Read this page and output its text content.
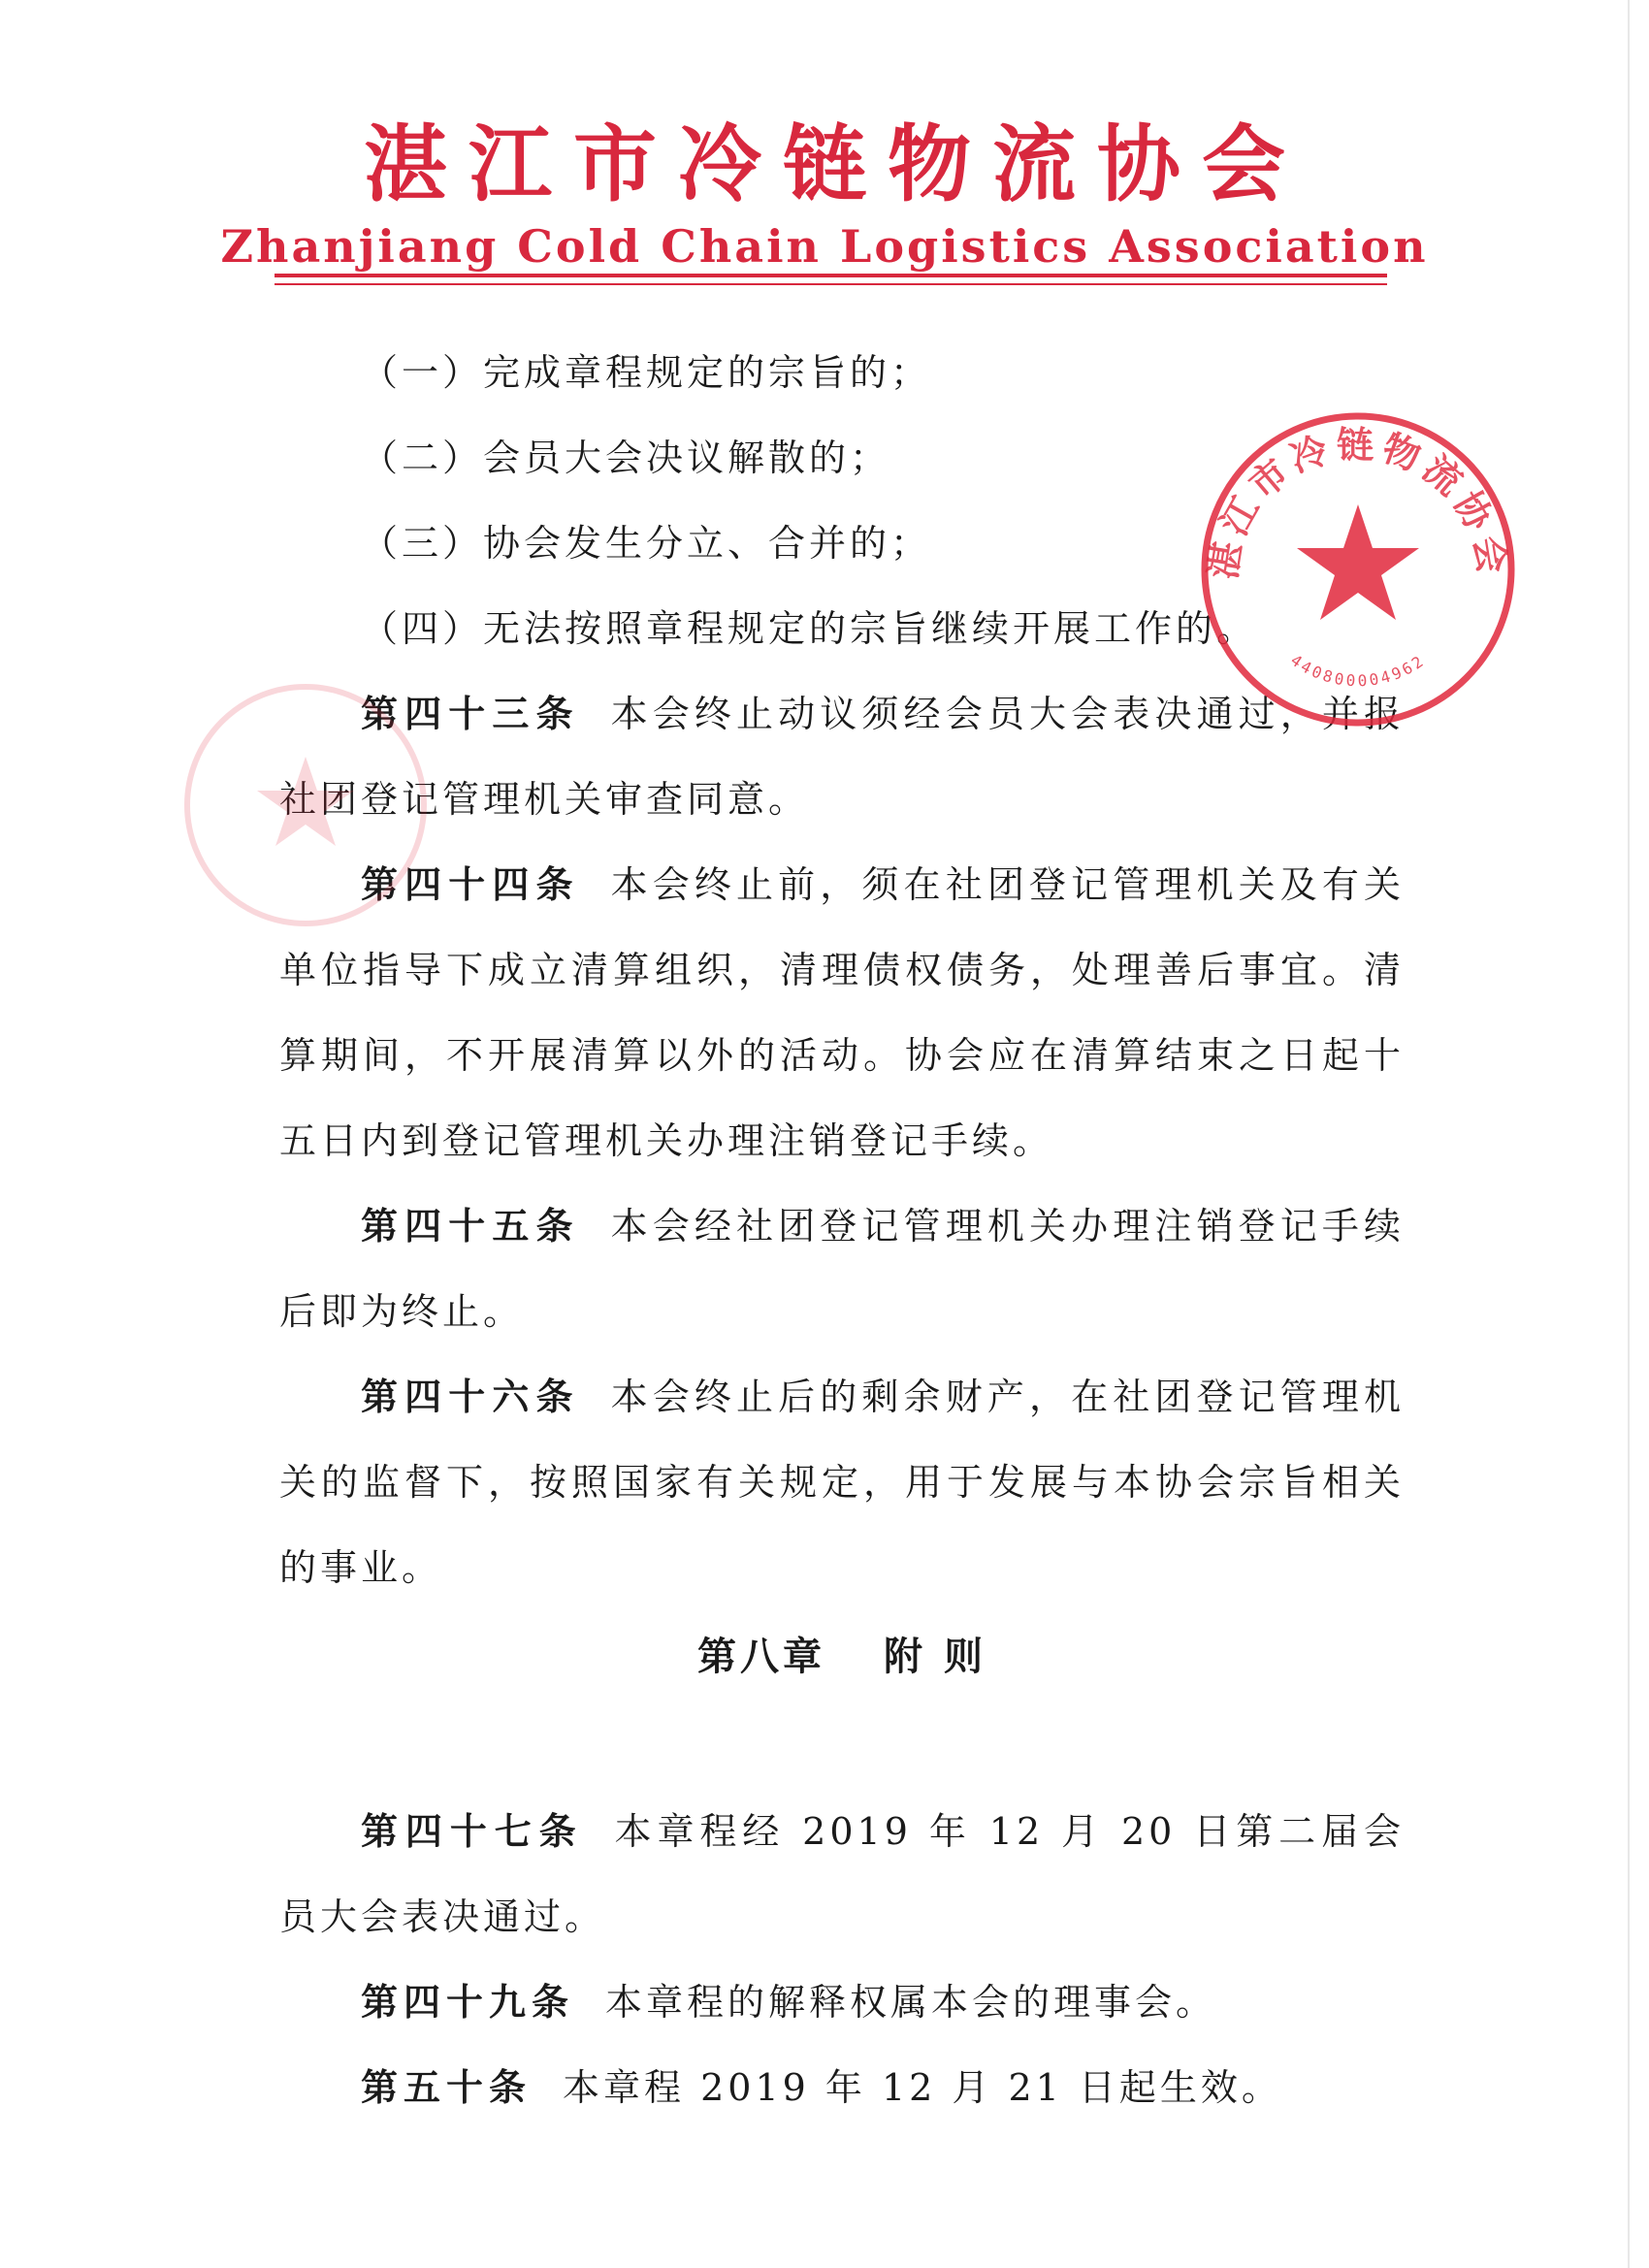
湛江市冷链物流协会
Zhanjiang Cold Chain Logistics Association

（一）完成章程规定的宗旨的；

（二）会员大会决议解散的；

（三）协会发生分立、合并的；

（四）无法按照章程规定的宗旨继续开展工作的。

第四十三条 本会终止动议须经会员大会表决通过，并报社团登记管理机关审查同意。

第四十四条 本会终止前，须在社团登记管理机关及有关单位指导下成立清算组织，清理债权债务，处理善后事宜。清算期间，不开展清算以外的活动。协会应在清算结束之日起十五日内到登记管理机关办理注销登记手续。

第四十五条 本会经社团登记管理机关办理注销登记手续后即为终止。

第四十六条 本会终止后的剩余财产，在社团登记管理机关的监督下，按照国家有关规定，用于发展与本协会宗旨相关的事业。

第八章 附 则

第四十七条 本章程经 2019 年 12 月 20 日第二届会员大会表决通过。

第四十九条 本章程的解释权属本会的理事会。

第五十条 本章程 2019 年 12 月 21 日起生效。

湛江市冷链物流协会
440800004962
